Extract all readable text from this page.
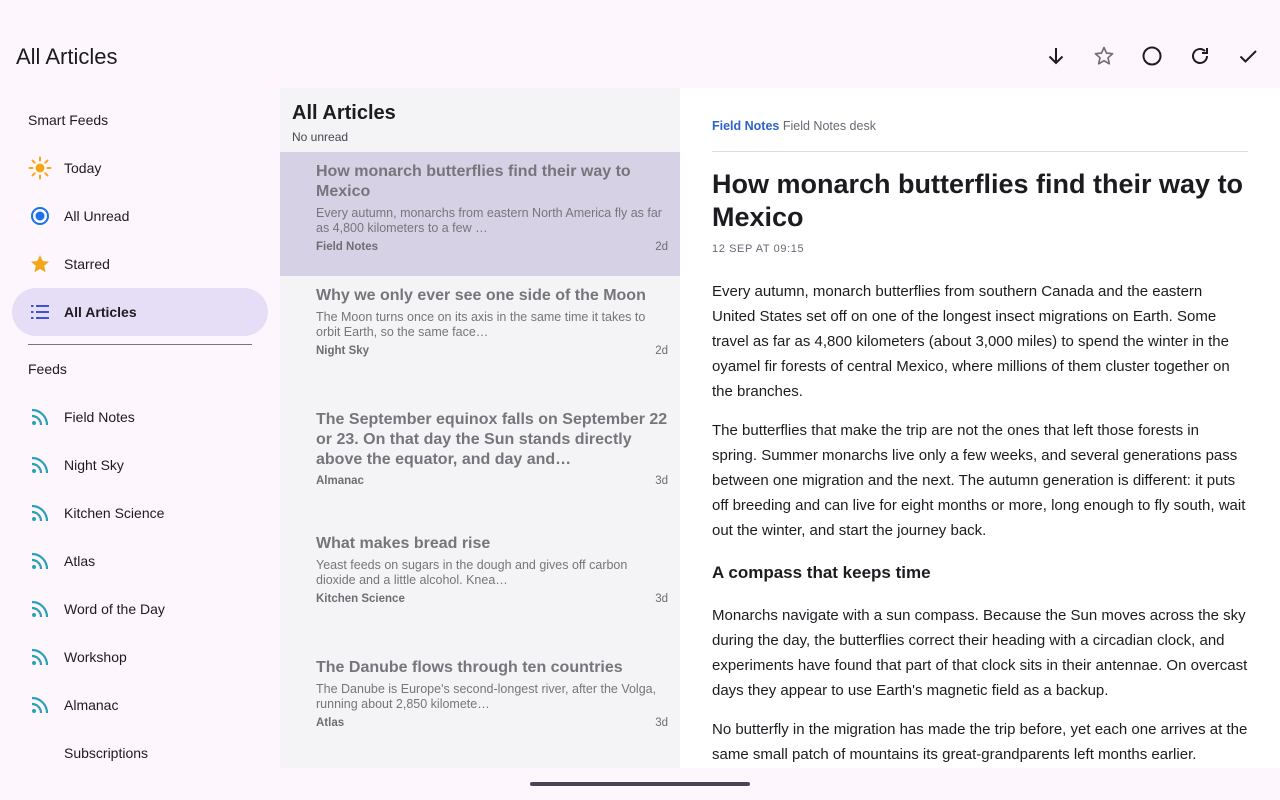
9:00
All Articles
Smart Feeds
Today
All Unread
Starred
All Articles
Feeds
Field Notes
Night Sky
Kitchen Science
Atlas
Word of the Day
Workshop
Almanac
Subscriptions
All Articles
No unread
How monarch butterflies find their way to Mexico
Every autumn, monarchs from eastern North America fly as far as 4,800 kilometers to a few …
Field Notes	2d
Why we only ever see one side of the Moon
The Moon turns once on its axis in the same time it takes to orbit Earth, so the same face…
Night Sky	2d
The September equinox falls on September 22 or 23. On that day the Sun stands directly above the equator, and day and…
Almanac	3d
What makes bread rise
Yeast feeds on sugars in the dough and gives off carbon dioxide and a little alcohol. Knea…
Kitchen Science	3d
The Danube flows through ten countries
The Danube is Europe's second-longest river, after the Volga, running about 2,850 kilomete…
Atlas	3d
Field Notes Field Notes desk
How monarch butterflies find their way to Mexico
12 SEP AT 09:15

Every autumn, monarch butterflies from southern Canada and the eastern United States set off on one of the longest insect migrations on Earth. Some travel as far as 4,800 kilometers (about 3,000 miles) to spend the winter in the oyamel fir forests of central Mexico, where millions of them cluster together on the branches.

The butterflies that make the trip are not the ones that left those forests in spring. Summer monarchs live only a few weeks, and several generations pass between one migration and the next. The autumn generation is different: it puts off breeding and can live for eight months or more, long enough to fly south, wait out the winter, and start the journey back.

A compass that keeps time

Monarchs navigate with a sun compass. Because the Sun moves across the sky during the day, the butterflies correct their heading with a circadian clock, and experiments have found that part of that clock sits in their antennae. On overcast days they appear to use Earth's magnetic field as a backup.

No butterfly in the migration has made the trip before, yet each one arrives at the same small patch of mountains its great-grandparents left months earlier.
